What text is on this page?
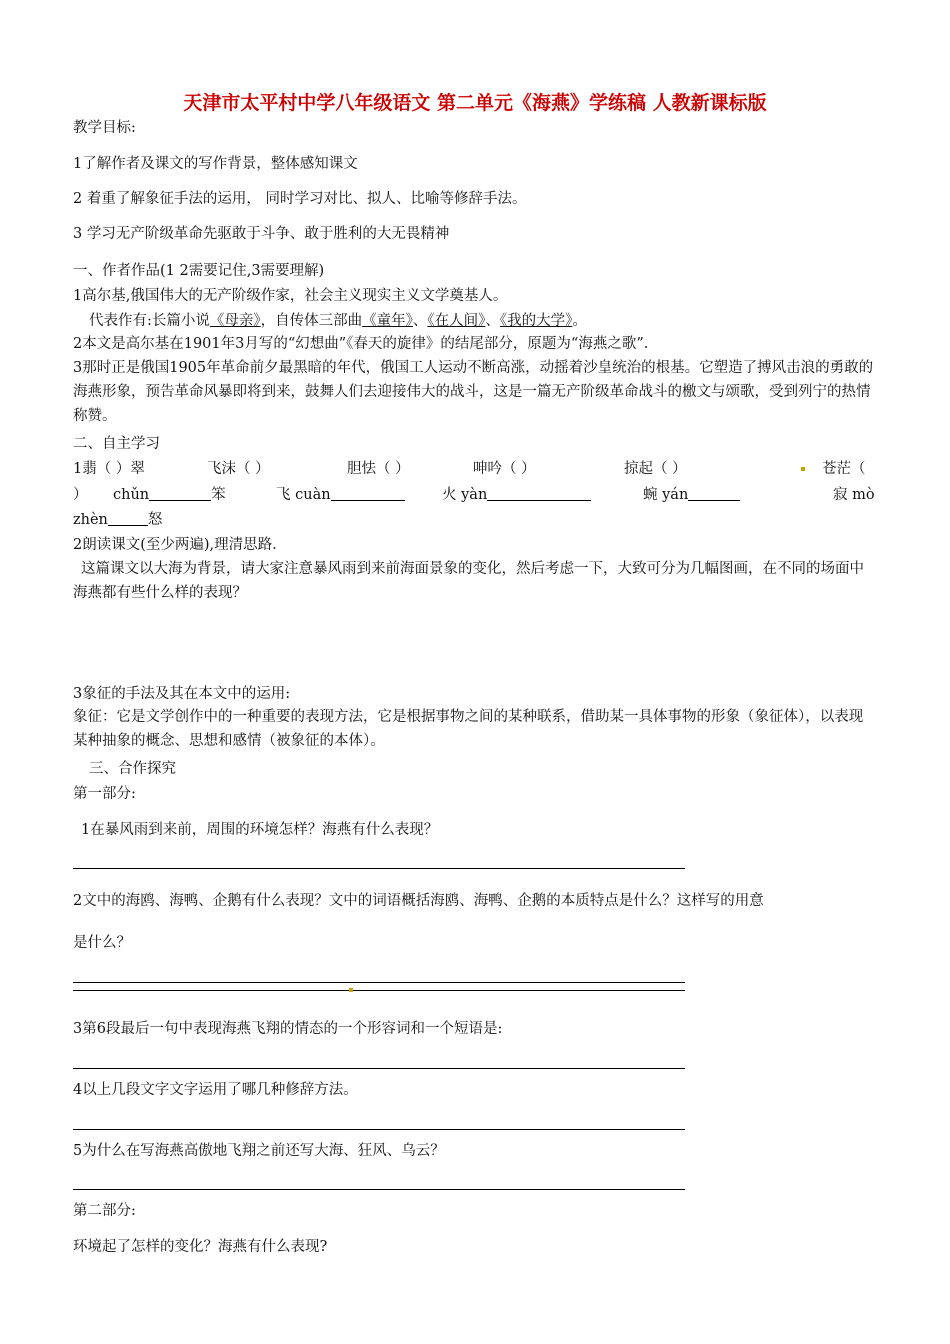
天津市太平村中学八年级语文 第二单元《海燕》学练稿 人教新课标版
教学目标:
1了解作者及课文的写作背景，整体感知课文
2 着重了解象征手法的运用， 同时学习对比、拟人、比喻等修辞手法。
3 学习无产阶级革命先驱敢于斗争、敢于胜利的大无畏精神
一、作者作品(1 2需要记住,3需要理解)
1高尔基,俄国伟大的无产阶级作家，社会主义现实主义文学奠基人。
代表作有:长篇小说《母亲》，自传体三部曲《童年》、《在人间》、《我的大学》。
2本文是高尔基在1901年3月写的“幻想曲”《春天的旋律》的结尾部分，原题为“海燕之歌”.
3那时正是俄国1905年革命前夕最黑暗的年代，俄国工人运动不断高涨，动摇着沙皇统治的根基。它塑造了搏风击浪的勇敢的海燕形象，预告革命风暴即将到来，鼓舞人们去迎接伟大的战斗，这是一篇无产阶级革命战斗的檄文与颂歌，受到列宁的热情称赞。
二、自主学习
1翡（ ）翠	飞沫（ ）	胆怯（ ）	呻吟（ ）	掠起（ ）	苍茫（
） chǔn	笨	飞 cuàn	火 yàn	蜿 yán	寂 mò
zhèn	怒
2朗读课文(至少两遍),理清思路.
这篇课文以大海为背景，请大家注意暴风雨到来前海面景象的变化，然后考虑一下，大致可分为几幅图画，在不同的场面中海燕都有些什么样的表现？
3象征的手法及其在本文中的运用:
象征：它是文学创作中的一种重要的表现方法，它是根据事物之间的某种联系，借助某一具体事物的形象（象征体），以表现某种抽象的概念、思想和感情（被象征的本体）。
三、合作探究
第一部分:
1在暴风雨到来前，周围的环境怎样？海燕有什么表现？
2文中的海鸥、海鸭、企鹅有什么表现？文中的词语概括海鸥、海鸭、企鹅的本质特点是什么？这样写的用意
是什么？
3第6段最后一句中表现海燕飞翔的情态的一个形容词和一个短语是:
4以上几段文字文字运用了哪几种修辞方法。
5为什么在写海燕高傲地飞翔之前还写大海、狂风、乌云？
第二部分:
环境起了怎样的变化？海燕有什么表现?
